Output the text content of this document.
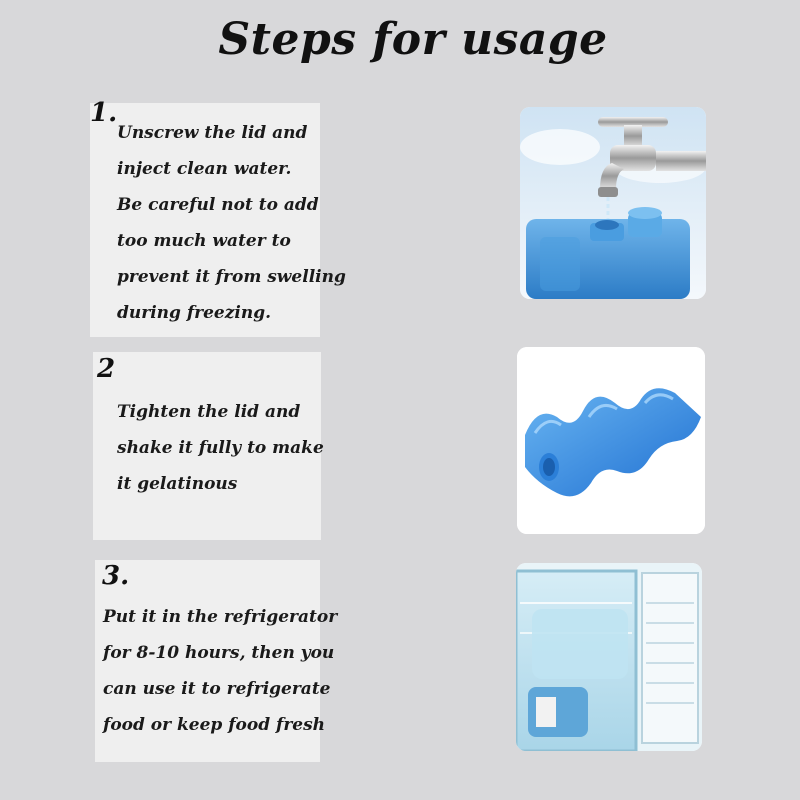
Steps for usage
1.
Unscrew the lid and
inject clean water.
Be careful not to add
too much water to
prevent it from swelling
during freezing.
2
Tighten the lid and
shake it fully to make
it gelatinous
3.
Put it in the refrigerator
for 8-10 hours, then you
can use it to refrigerate
food or keep food fresh
